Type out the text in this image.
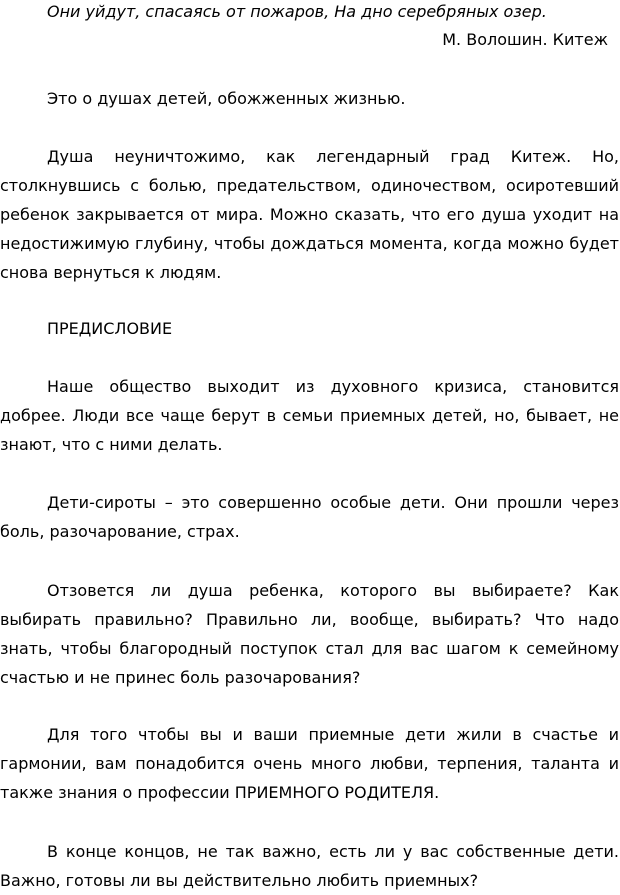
Они уйдут, спасаясь от пожаров, На дно серебряных озер.
М. Волошин. Китеж

Это о душах детей, обожженных жизнью.

Душа неуничтожимо, как легендарный град Китеж. Но, столкнувшись с болью, предательством, одиночеством, осиротевший ребенок закрывается от мира. Можно сказать, что его душа уходит на недостижимую глубину, чтобы дождаться момента, когда можно будет снова вернуться к людям.

ПРЕДИСЛОВИЕ

Наше общество выходит из духовного кризиса, становится добрее. Люди все чаще берут в семьи приемных детей, но, бывает, не знают, что с ними делать.

Дети-сироты – это совершенно особые дети. Они прошли через боль, разочарование, страх.

Отзовется ли душа ребенка, которого вы выбираете? Как выбирать правильно? Правильно ли, вообще, выбирать? Что надо знать, чтобы благородный поступок стал для вас шагом к семейному счастью и не принес боль разочарования?

Для того чтобы вы и ваши приемные дети жили в счастье и гармонии, вам понадобится очень много любви, терпения, таланта и также знания о профессии ПРИЕМНОГО РОДИТЕЛЯ.

В конце концов, не так важно, есть ли у вас собственные дети. Важно, готовы ли вы действительно любить приемных?
